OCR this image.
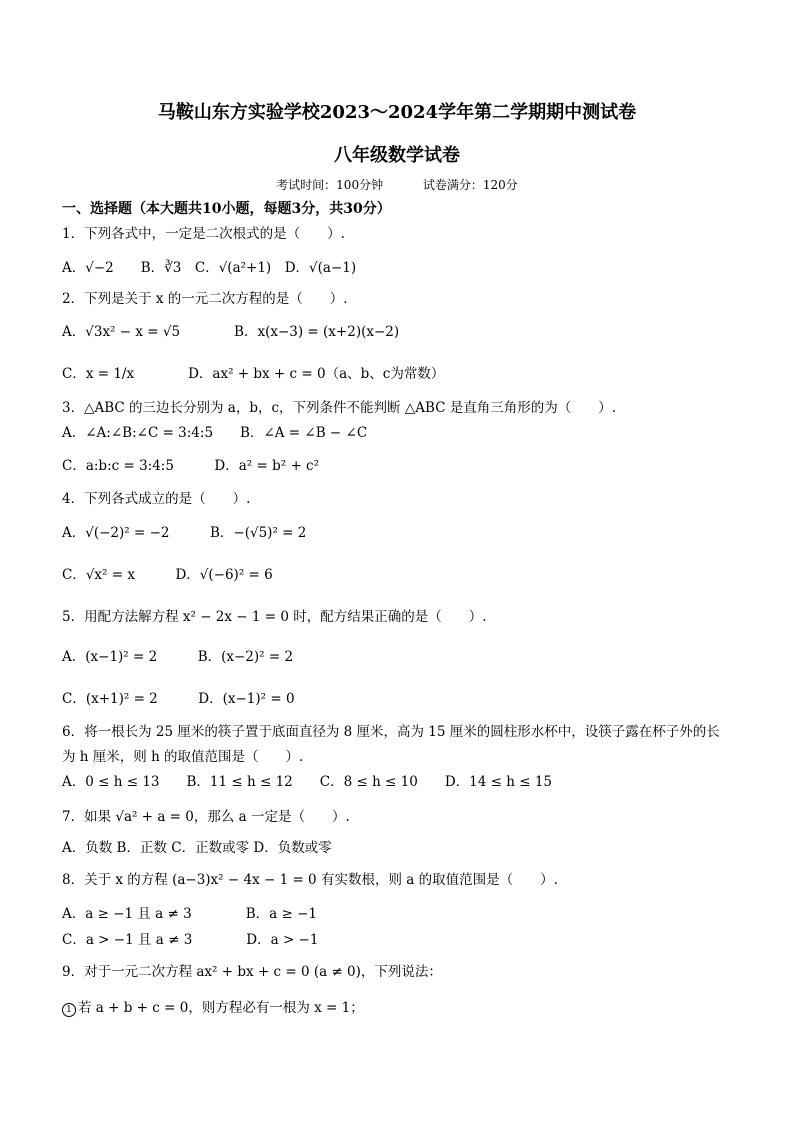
马鞍山东方实验学校2023～2024学年第二学期期中测试卷
八年级数学试卷
考试时间：100分钟	试卷满分：120分
一、选择题（本大题共10小题，每题3分，共30分）
1．下列各式中，一定是二次根式的是（　　）.
A．√−2　　B．∛3　C．√(a²+1)　D．√(a−1)
2．下列是关于 x 的一元二次方程的是（　　）.
A．√3x² − x = √5　　　　B．x(x−3) = (x+2)(x−2)
C．x = 1/x　　　　D．ax² + bx + c = 0（a、b、c为常数）
3．△ABC 的三边长分别为 a，b，c，下列条件不能判断 △ABC 是直角三角形的为（　　）.
A．∠A:∠B:∠C = 3:4:5　　B．∠A = ∠B − ∠C
C．a:b:c = 3:4:5　　　D．a² = b² + c²
4．下列各式成立的是（　　）.
A．√(−2)² = −2　　　B．−(√5)² = 2
C．√x² = x　　　D．√(−6)² = 6
5．用配方法解方程 x² − 2x − 1 = 0 时，配方结果正确的是（　　）.
A．(x−1)² = 2　　　B．(x−2)² = 2
C．(x+1)² = 2　　　D．(x−1)² = 0
6．将一根长为 25 厘米的筷子置于底面直径为 8 厘米，高为 15 厘米的圆柱形水杯中，设筷子露在杯子外的长
为 h 厘米，则 h 的取值范围是（　　）.
A．0 ≤ h ≤ 13　　B．11 ≤ h ≤ 12　　C．8 ≤ h ≤ 10　　D．14 ≤ h ≤ 15
7．如果 √a² + a = 0，那么 a 一定是（　　）.
A．负数 B．正数 C．正数或零 D．负数或零
8．关于 x 的方程 (a−3)x² − 4x − 1 = 0 有实数根，则 a 的取值范围是（　　）.
A．a ≥ −1 且 a ≠ 3　　　　B．a ≥ −1
C．a > −1 且 a ≠ 3　　　　D．a > −1
9．对于一元二次方程 ax² + bx + c = 0 (a ≠ 0)，下列说法：
1 若 a + b + c = 0，则方程必有一根为 x = 1；
